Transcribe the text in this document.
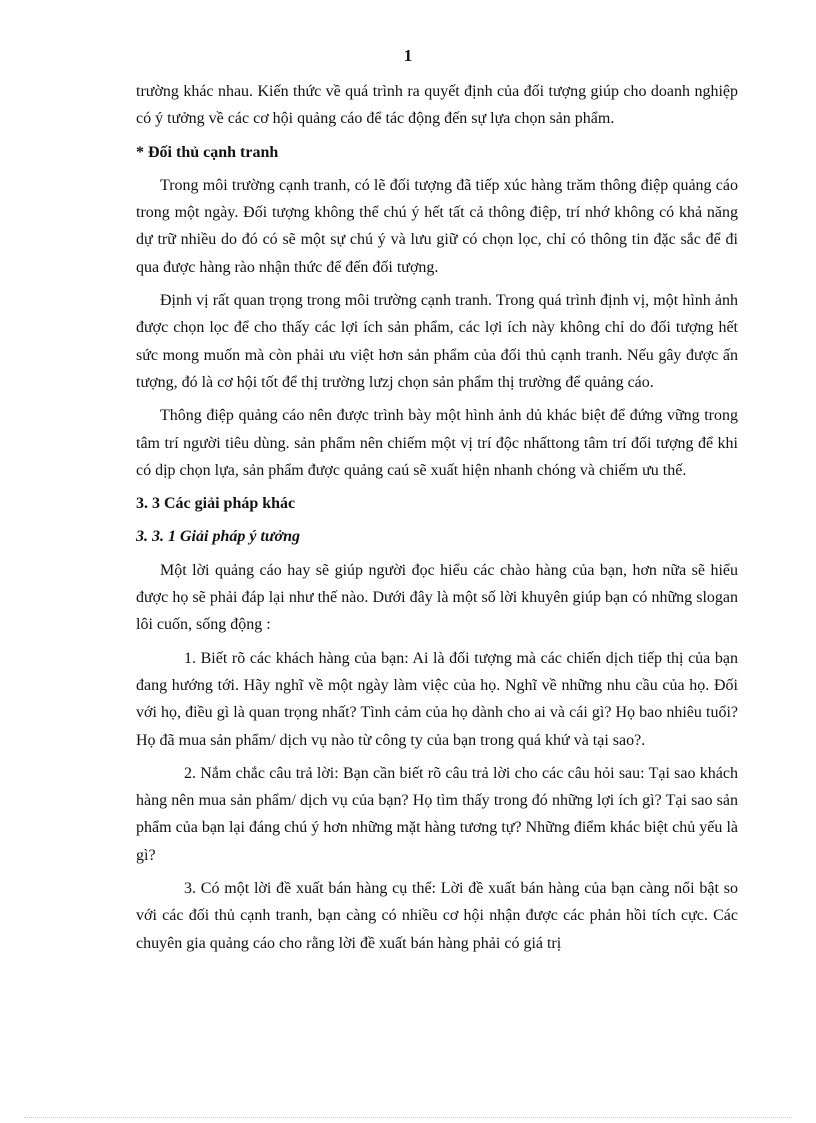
1

trường khác nhau. Kiến thức về quá trình ra quyết định của đối tượng giúp cho doanh nghiệp có ý tưởng về các cơ hội quảng cáo để tác động đến sự lựa chọn sản phẩm.

* Đối thủ cạnh tranh

Trong môi trường cạnh tranh, có lẽ đối tượng đã tiếp xúc hàng trăm thông điệp quảng cáo trong một ngày. Đối tượng không thể chú ý hết tất cả thông điệp, trí nhớ không có khả năng dự trữ nhiều do đó có sẽ một sự chú ý và lưu giữ có chọn lọc, chỉ có thông tin đặc sắc để đi qua được hàng rào nhận thức để đến đối tượng.

Định vị rất quan trọng trong môi trường cạnh tranh. Trong quá trình định vị, một hình ảnh được chọn lọc để cho thấy các lợi ích sản phẩm, các lợi ích này không chỉ do đối tượng hết sức mong muốn mà còn phải ưu việt hơn sản phẩm của đối thủ cạnh tranh. Nếu gây được ấn tượng, đó là cơ hội tốt để thị trường lưzj chọn sản phẩm thị trường để quảng cáo.

Thông điệp quảng cáo nên được trình bày một hình ảnh dủ khác biệt để đứng vững trong tâm trí người tiêu dùng. sản phẩm nên chiếm một vị trí độc nhấttong tâm trí đối tượng để khi có dịp chọn lựa, sản phẩm được quảng caú sẽ xuất hiện nhanh chóng và chiếm ưu thế.

3. 3 Các giải pháp khác

3. 3. 1 Giải pháp ý tưởng

Một lời quảng cáo hay sẽ giúp người đọc hiểu các chào hàng của bạn, hơn nữa sẽ hiểu được họ sẽ phải đáp lại như thế nào. Dưới đây là một số lời khuyên giúp bạn có những slogan lôi cuốn, sống động :

1. Biết rõ các khách hàng của bạn: Ai là đối tượng mà các chiến dịch tiếp thị của bạn đang hướng tới. Hãy nghĩ về một ngày làm việc của họ. Nghĩ về những nhu cầu của họ. Đối với họ, điều gì là quan trọng nhất? Tình cảm của họ dành cho ai và cái gì? Họ bao nhiêu tuổi? Họ đã mua sản phẩm/ dịch vụ nào từ công ty của bạn trong quá khứ và tại sao?.

2. Nắm chắc câu trả lời: Bạn cần biết rõ câu trả lời cho các câu hỏi sau: Tại sao khách hàng nên mua sản phẩm/ dịch vụ của bạn? Họ tìm thấy trong đó những lợi ích gì? Tại sao sản phẩm của bạn lại đáng chú ý hơn những mặt hàng tương tự? Những điểm khác biệt chủ yếu là gì?

3. Có một lời đề xuất bán hàng cụ thể: Lời đề xuất bán hàng của bạn càng nổi bật so với các đối thủ cạnh tranh, bạn càng có nhiều cơ hội nhận được các phản hồi tích cực. Các chuyên gia quảng cáo cho rằng lời đề xuất bán hàng phải có giá trị
